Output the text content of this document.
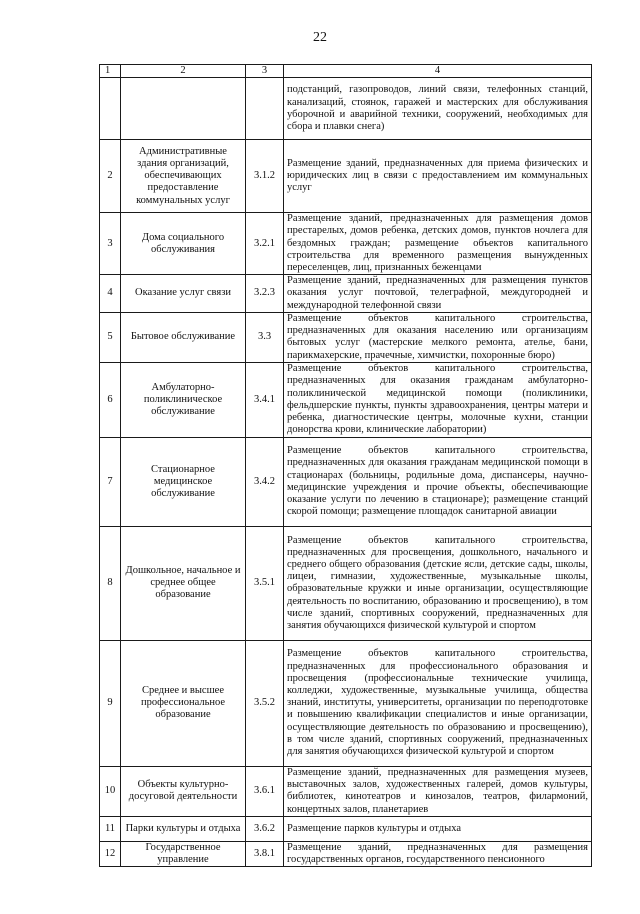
22
1	2	3	4
			подстанций, газопроводов, линий связи, телефонных станций, канализаций, стоянок, гаражей и мастерских для обслуживания уборочной и аварийной техники, сооружений, необходимых для сбора и плавки снега)
2	Административные здания организаций, обеспечивающих предоставление коммунальных услуг	3.1.2	Размещение зданий, предназначенных для приема физических и юридических лиц в связи с предоставлением им коммунальных услуг
3	Дома социального обслуживания	3.2.1	Размещение зданий, предназначенных для размещения домов престарелых, домов ребенка, детских домов, пунктов ночлега для бездомных граждан; размещение объектов капитального строительства для временного размещения вынужденных переселенцев, лиц, признанных беженцами
4	Оказание услуг связи	3.2.3	Размещение зданий, предназначенных для размещения пунктов оказания услуг почтовой, телеграфной, междугородней и международной телефонной связи
5	Бытовое обслуживание	3.3	Размещение объектов капитального строительства, предназначенных для оказания населению или организациям бытовых услуг (мастерские мелкого ремонта, ателье, бани, парикмахерские, прачечные, химчистки, похоронные бюро)
6	Амбулаторно-поликлиническое обслуживание	3.4.1	Размещение объектов капитального строительства, предназначенных для оказания гражданам амбулаторно-поликлинической медицинской помощи (поликлиники, фельдшерские пункты, пункты здравоохранения, центры матери и ребенка, диагностические центры, молочные кухни, станции донорства крови, клинические лаборатории)
7	Стационарное медицинское обслуживание	3.4.2	Размещение объектов капитального строительства, предназначенных для оказания гражданам медицинской помощи в стационарах (больницы, родильные дома, диспансеры, научно-медицинские учреждения и прочие объекты, обеспечивающие оказание услуги по лечению в стационаре); размещение станций скорой помощи; размещение площадок санитарной авиации
8	Дошкольное, начальное и среднее общее образование	3.5.1	Размещение объектов капитального строительства, предназначенных для просвещения, дошкольного, начального и среднего общего образования (детские ясли, детские сады, школы, лицеи, гимназии, художественные, музыкальные школы, образовательные кружки и иные организации, осуществляющие деятельность по воспитанию, образованию и просвещению), в том числе зданий, спортивных сооружений, предназначенных для занятия обучающихся физической культурой и спортом
9	Среднее и высшее профессиональное образование	3.5.2	Размещение объектов капитального строительства, предназначенных для профессионального образования и просвещения (профессиональные технические училища, колледжи, художественные, музыкальные училища, общества знаний, институты, университеты, организации по переподготовке и повышению квалификации специалистов и иные организации, осуществляющие деятельность по образованию и просвещению), в том числе зданий, спортивных сооружений, предназначенных для занятия обучающихся физической культурой и спортом
10	Объекты культурно-досуговой деятельности	3.6.1	Размещение зданий, предназначенных для размещения музеев, выставочных залов, художественных галерей, домов культуры, библиотек, кинотеатров и кинозалов, театров, филармоний, концертных залов, планетариев
11	Парки культуры и отдыха	3.6.2	Размещение парков культуры и отдыха
12	Государственное управление	3.8.1	Размещение зданий, предназначенных для размещения государственных органов, государственного пенсионного
